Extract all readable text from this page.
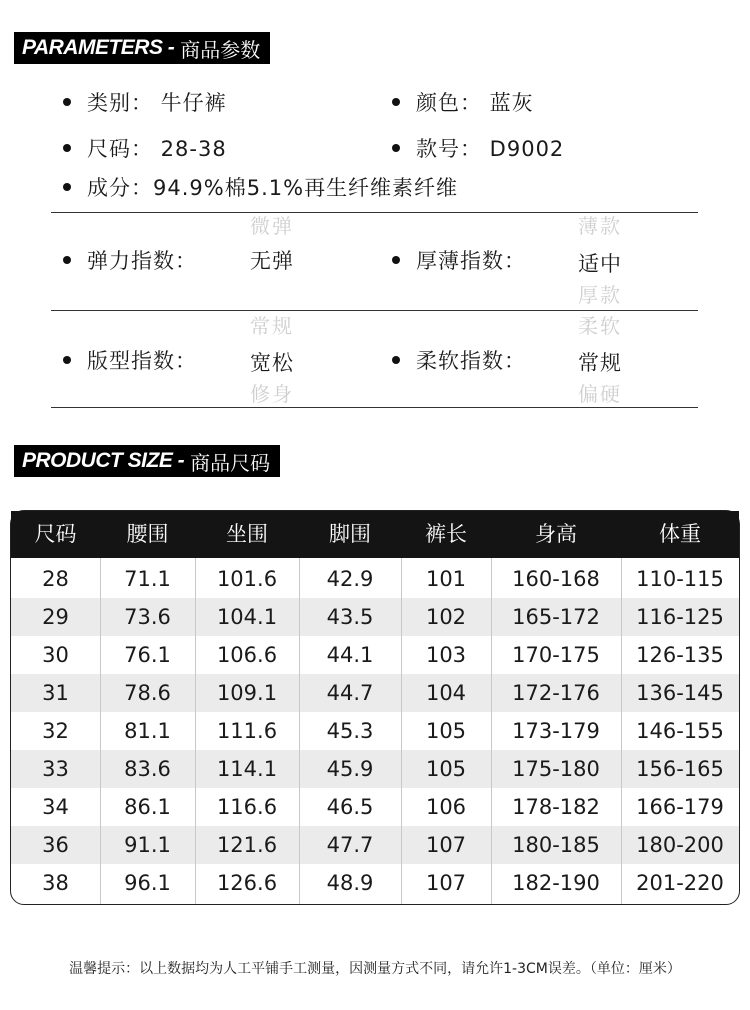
PARAMETERS - 商品参数
类别： 牛仔裤	颜色： 蓝灰
尺码： 28-38	款号： D9002
成分：94.9%棉5.1%再生纤维素纤维
弹力指数：
微弹
无弹	厚薄指数：
薄款
适中
厚款
版型指数：
常规
宽松
修身
柔软指数：
柔软
常规
偏硬
PRODUCT SIZE - 商品尺码
尺码	腰围	坐围	脚围	裤长	身高	体重
28	71.1	101.6	42.9	101	160-168	110-115
29	73.6	104.1	43.5	102	165-172	116-125
30	76.1	106.6	44.1	103	170-175	126-135
31	78.6	109.1	44.7	104	172-176	136-145
32	81.1	111.6	45.3	105	173-179	146-155
33	83.6	114.1	45.9	105	175-180	156-165
34	86.1	116.6	46.5	106	178-182	166-179
36	91.1	121.6	47.7	107	180-185	180-200
38	96.1	126.6	48.9	107	182-190	201-220
温馨提示：以上数据均为人工平铺手工测量，因测量方式不同，请允许1-3CM误差。（单位：厘米）
